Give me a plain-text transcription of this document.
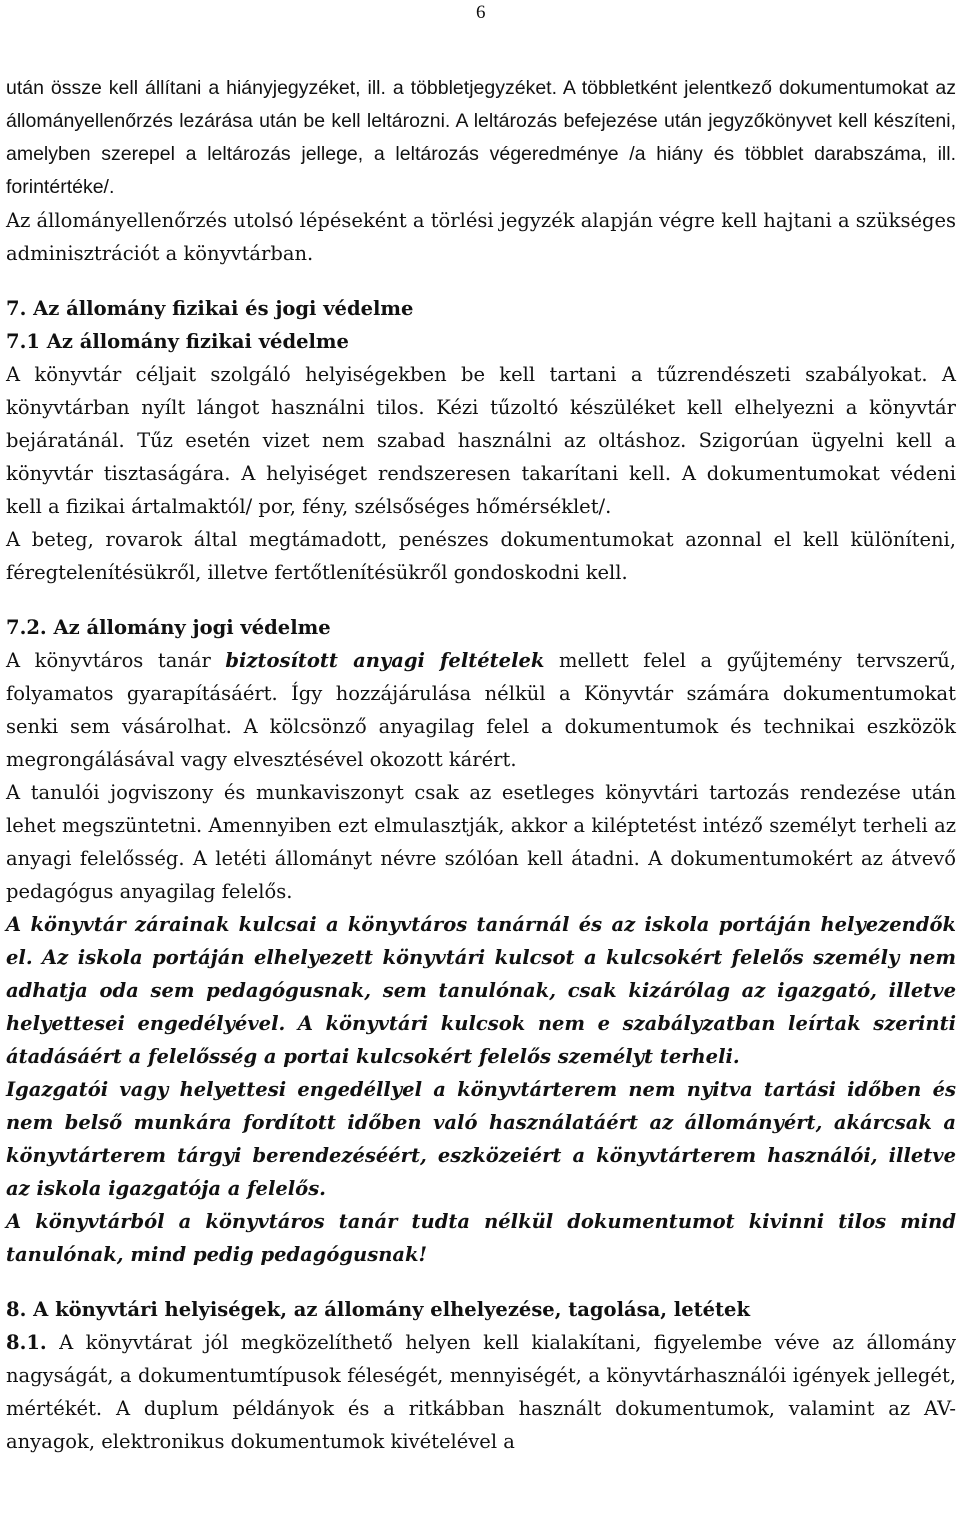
6

után össze kell állítani a hiányjegyzéket, ill. a többletjegyzéket. A többletként jelentkező dokumentumokat az állományellenőrzés lezárása után be kell leltározni. A leltározás befejezése után jegyzőkönyvet kell készíteni, amelyben szerepel a leltározás jellege, a leltározás végeredménye /a hiány és többlet darabszáma, ill. forintértéke/.

Az állományellenőrzés utolsó lépéseként a törlési jegyzék alapján végre kell hajtani a szükséges adminisztrációt a könyvtárban.

7. Az állomány fizikai és jogi védelme
7.1 Az állomány fizikai védelme

A könyvtár céljait szolgáló helyiségekben be kell tartani a tűzrendészeti szabályokat. A könyvtárban nyílt lángot használni tilos. Kézi tűzoltó készüléket kell elhelyezni a könyvtár bejáratánál. Tűz esetén vizet nem szabad használni az oltáshoz. Szigorúan ügyelni kell a könyvtár tisztaságára. A helyiséget rendszeresen takarítani kell. A dokumentumokat védeni kell a fizikai ártalmaktól/ por, fény, szélsőséges hőmérséklet/.

A beteg, rovarok által megtámadott, penészes dokumentumokat azonnal el kell különíteni, féregtelenítésükről, illetve fertőtlenítésükről gondoskodni kell.

7.2. Az állomány jogi védelme

A könyvtáros tanár biztosított anyagi feltételek mellett felel a gyűjtemény tervszerű, folyamatos gyarapításáért. Így hozzájárulása nélkül a Könyvtár számára dokumentumokat senki sem vásárolhat. A kölcsönző anyagilag felel a dokumentumok és technikai eszközök megrongálásával vagy elvesztésével okozott kárért.

A tanulói jogviszony és munkaviszonyt csak az esetleges könyvtári tartozás rendezése után lehet megszüntetni. Amennyiben ezt elmulasztják, akkor a kiléptetést intéző személyt terheli az anyagi felelősség. A letéti állományt névre szólóan kell átadni. A dokumentumokért az átvevő pedagógus anyagilag felelős.

A könyvtár zárainak kulcsai a könyvtáros tanárnál és az iskola portáján helyezendők el. Az iskola portáján elhelyezett könyvtári kulcsot a kulcsokért felelős személy nem adhatja oda sem pedagógusnak, sem tanulónak, csak kizárólag az igazgató, illetve helyettesei engedélyével. A könyvtári kulcsok nem e szabályzatban leírtak szerinti átadásáért a felelősség a portai kulcsokért felelős személyt terheli.

Igazgatói vagy helyettesi engedéllyel a könyvtárterem nem nyitva tartási időben és nem belső munkára fordított időben való használatáért az állományért, akárcsak a könyvtárterem tárgyi berendezéséért, eszközeiért a könyvtárterem használói, illetve az iskola igazgatója a felelős.

A könyvtárból a könyvtáros tanár tudta nélkül dokumentumot kivinni tilos mind tanulónak, mind pedig pedagógusnak!

8. A könyvtári helyiségek, az állomány elhelyezése, tagolása, letétek

8.1. A könyvtárat jól megközelíthető helyen kell kialakítani, figyelembe véve az állomány nagyságát, a dokumentumtípusok féleségét, mennyiségét, a könyvtárhasználói igények jellegét, mértékét. A duplum példányok és a ritkábban használt dokumentumok, valamint az AV-anyagok, elektronikus dokumentumok kivételével a
